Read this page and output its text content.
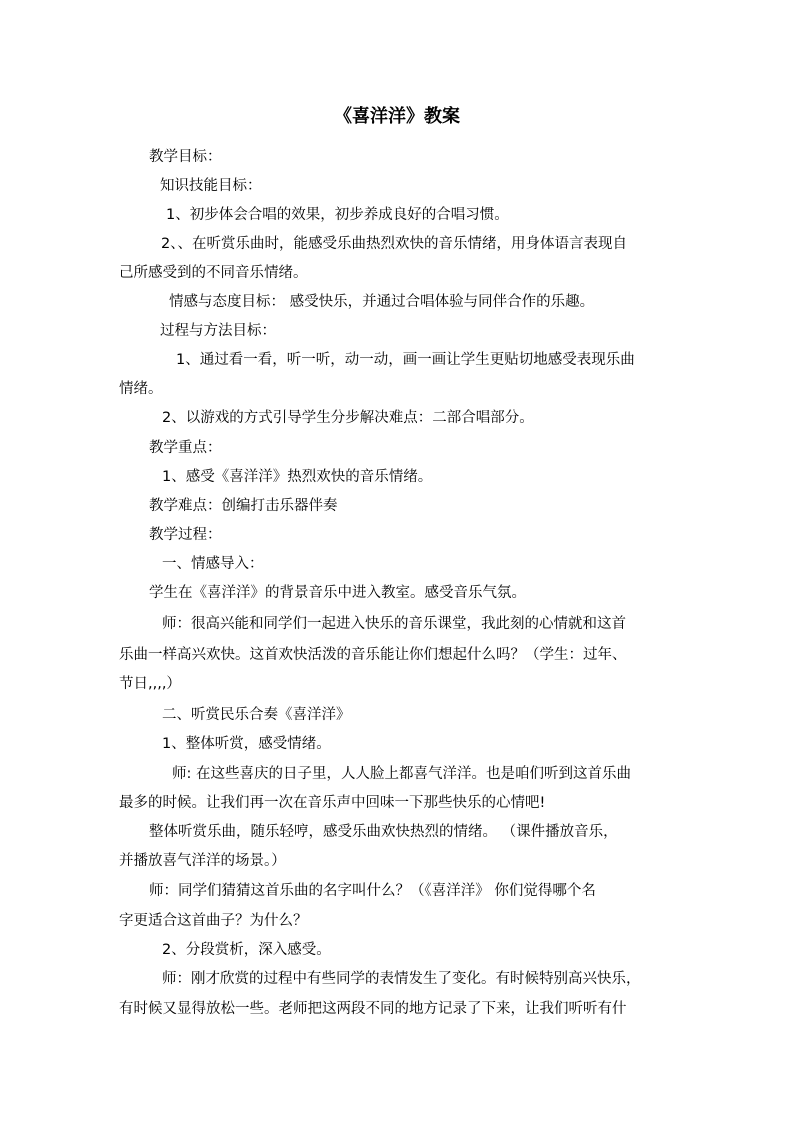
《喜洋洋》教案
教学目标：
知识技能目标：
1、初步体会合唱的效果，初步养成良好的合唱习惯。
2、、在听赏乐曲时，能感受乐曲热烈欢快的音乐情绪，用身体语言表现自
己所感受到的不同音乐情绪。
情感与态度目标： 感受快乐，并通过合唱体验与同伴合作的乐趣。
过程与方法目标：
1、通过看一看，听一听，动一动，画一画让学生更贴切地感受表现乐曲
情绪。
2、以游戏的方式引导学生分步解决难点：二部合唱部分。
教学重点：
1、感受《喜洋洋》热烈欢快的音乐情绪。
教学难点：创编打击乐器伴奏
教学过程：
一、情感导入：
学生在《喜洋洋》的背景音乐中进入教室。感受音乐气氛。
师：很高兴能和同学们一起进入快乐的音乐课堂，我此刻的心情就和这首
乐曲一样高兴欢快。这首欢快活泼的音乐能让你们想起什么吗？（学生：过年、
节日,,,,）
二、听赏民乐合奏《喜洋洋》
1、整体听赏，感受情绪。
师: 在这些喜庆的日子里，人人脸上都喜气洋洋。也是咱们听到这首乐曲
最多的时候。让我们再一次在音乐声中回味一下那些快乐的心情吧!
整体听赏乐曲，随乐轻哼，感受乐曲欢快热烈的情绪。 （课件播放音乐，
并播放喜气洋洋的场景。）
师：同学们猜猜这首乐曲的名字叫什么？（《喜洋洋》 你们觉得哪个名
字更适合这首曲子？为什么？
2、分段赏析，深入感受。
师：刚才欣赏的过程中有些同学的表情发生了变化。有时候特别高兴快乐，
有时候又显得放松一些。老师把这两段不同的地方记录了下来，让我们听听有什
